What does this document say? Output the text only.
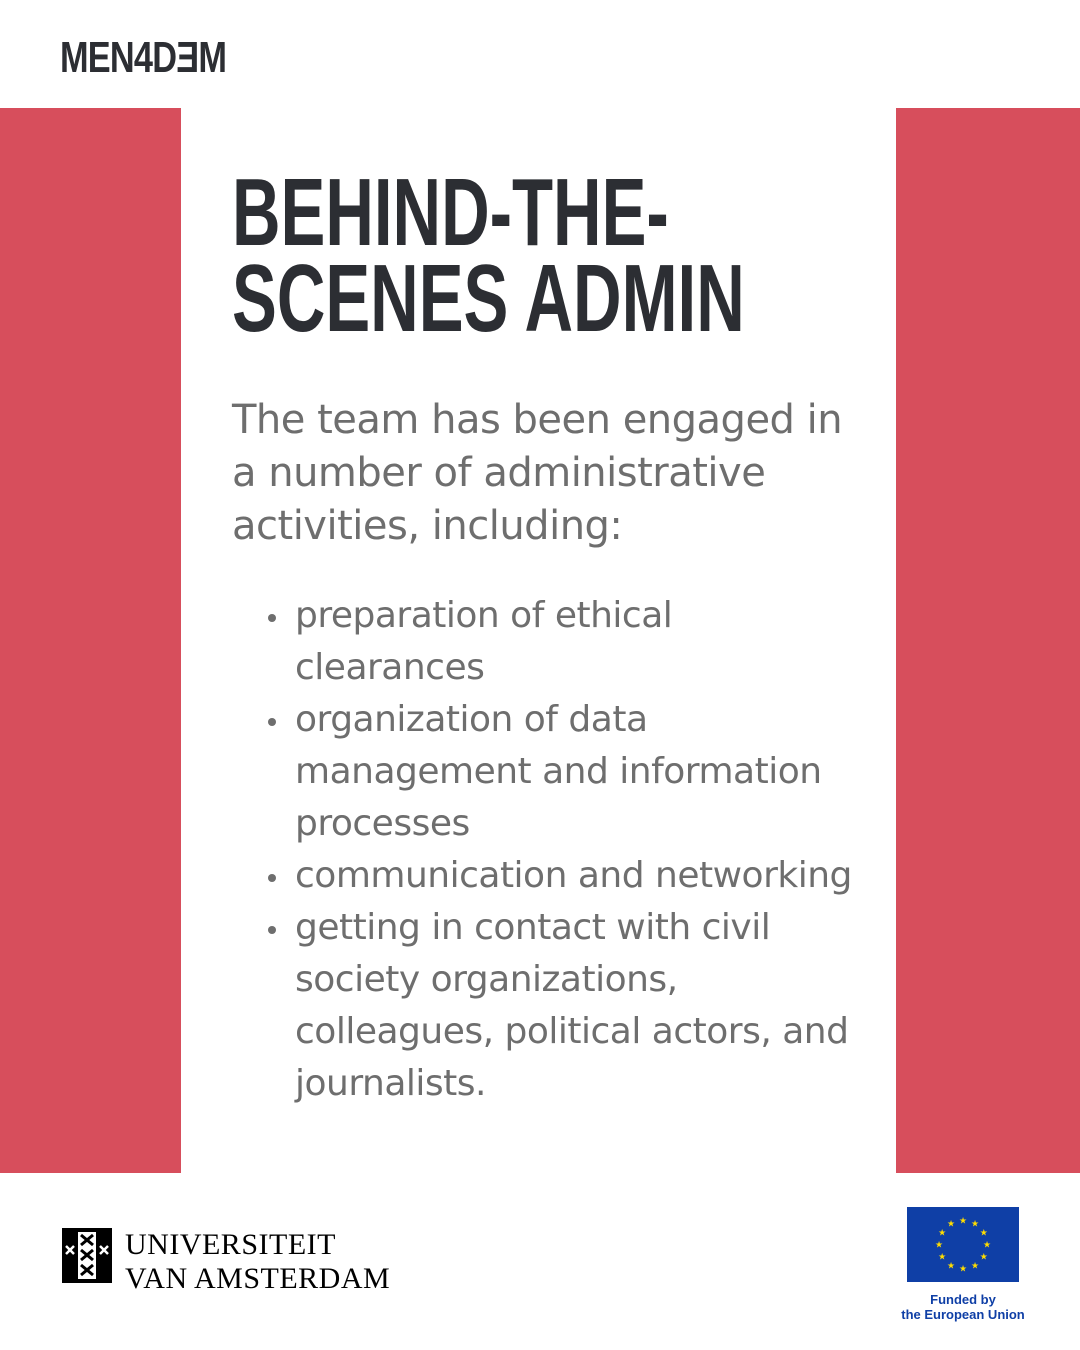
MEN4DƎM
BEHIND-THE-
SCENES ADMIN

The team has been engaged in
a number of administrative
activities, including:

preparation of ethical
clearances
organization of data
management and information
processes
communication and networking
getting in contact with civil
society organizations,
colleagues, political actors, and
journalists.
UNIVERSITEIT
VAN AMSTERDAM
★ ★
★
★
★
★
★
★
★
★
★
★
Funded by
the European Union
